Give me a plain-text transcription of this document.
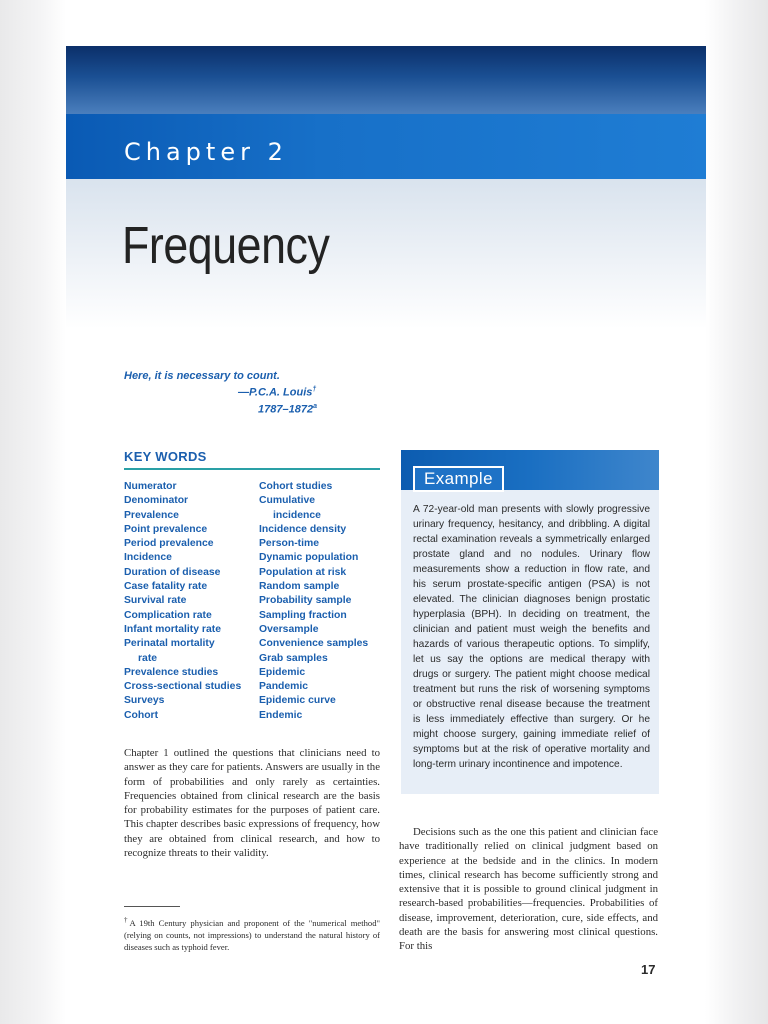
Chapter 2
Frequency
Here, it is necessary to count.
—P.C.A. Louis†
1787–1872$^a$
KEY WORDS
Numerator
Denominator
Prevalence
Point prevalence
Period prevalence
Incidence
Duration of disease
Case fatality rate
Survival rate
Complication rate
Infant mortality rate
Perinatal mortality
rate
Prevalence studies
Cross-sectional studies
Surveys
Cohort
Cohort studies
Cumulative
incidence
Incidence density
Person-time
Dynamic population
Population at risk
Random sample
Probability sample
Sampling fraction
Oversample
Convenience samples
Grab samples
Epidemic
Pandemic
Epidemic curve
Endemic

Chapter 1 outlined the questions that clinicians need to answer as they care for patients. Answers are usually in the form of probabilities and only rarely as certainties. Frequencies obtained from clinical research are the basis for probability estimates for the purposes of patient care. This chapter describes basic expressions of frequency, how they are obtained from clinical research, and how to recognize threats to their validity.

†A 19th Century physician and proponent of the "numerical method" (relying on counts, not impressions) to understand the natural history of diseases such as typhoid fever.

Example

A 72-year-old man presents with slowly progressive urinary frequency, hesitancy, and dribbling. A digital rectal examination reveals a symmetrically enlarged prostate gland and no nodules. Urinary flow measurements show a reduction in flow rate, and his serum prostate-specific antigen (PSA) is not elevated. The clinician diagnoses benign prostatic hyperplasia (BPH). In deciding on treatment, the clinician and patient must weigh the benefits and hazards of various therapeutic options. To simplify, let us say the options are medical therapy with drugs or surgery. The patient might choose medical treatment but runs the risk of worsening symptoms or obstructive renal disease because the treatment is less immediately effective than surgery. Or he might choose surgery, gaining immediate relief of symptoms but at the risk of operative mortality and long-term urinary incontinence and impotence.

Decisions such as the one this patient and clinician face have traditionally relied on clinical judgment based on experience at the bedside and in the clinics. In modern times, clinical research has become sufficiently strong and extensive that it is possible to ground clinical judgment in research-based probabilities—frequencies. Probabilities of disease, improvement, deterioration, cure, side effects, and death are the basis for answering most clinical questions. For this

17
